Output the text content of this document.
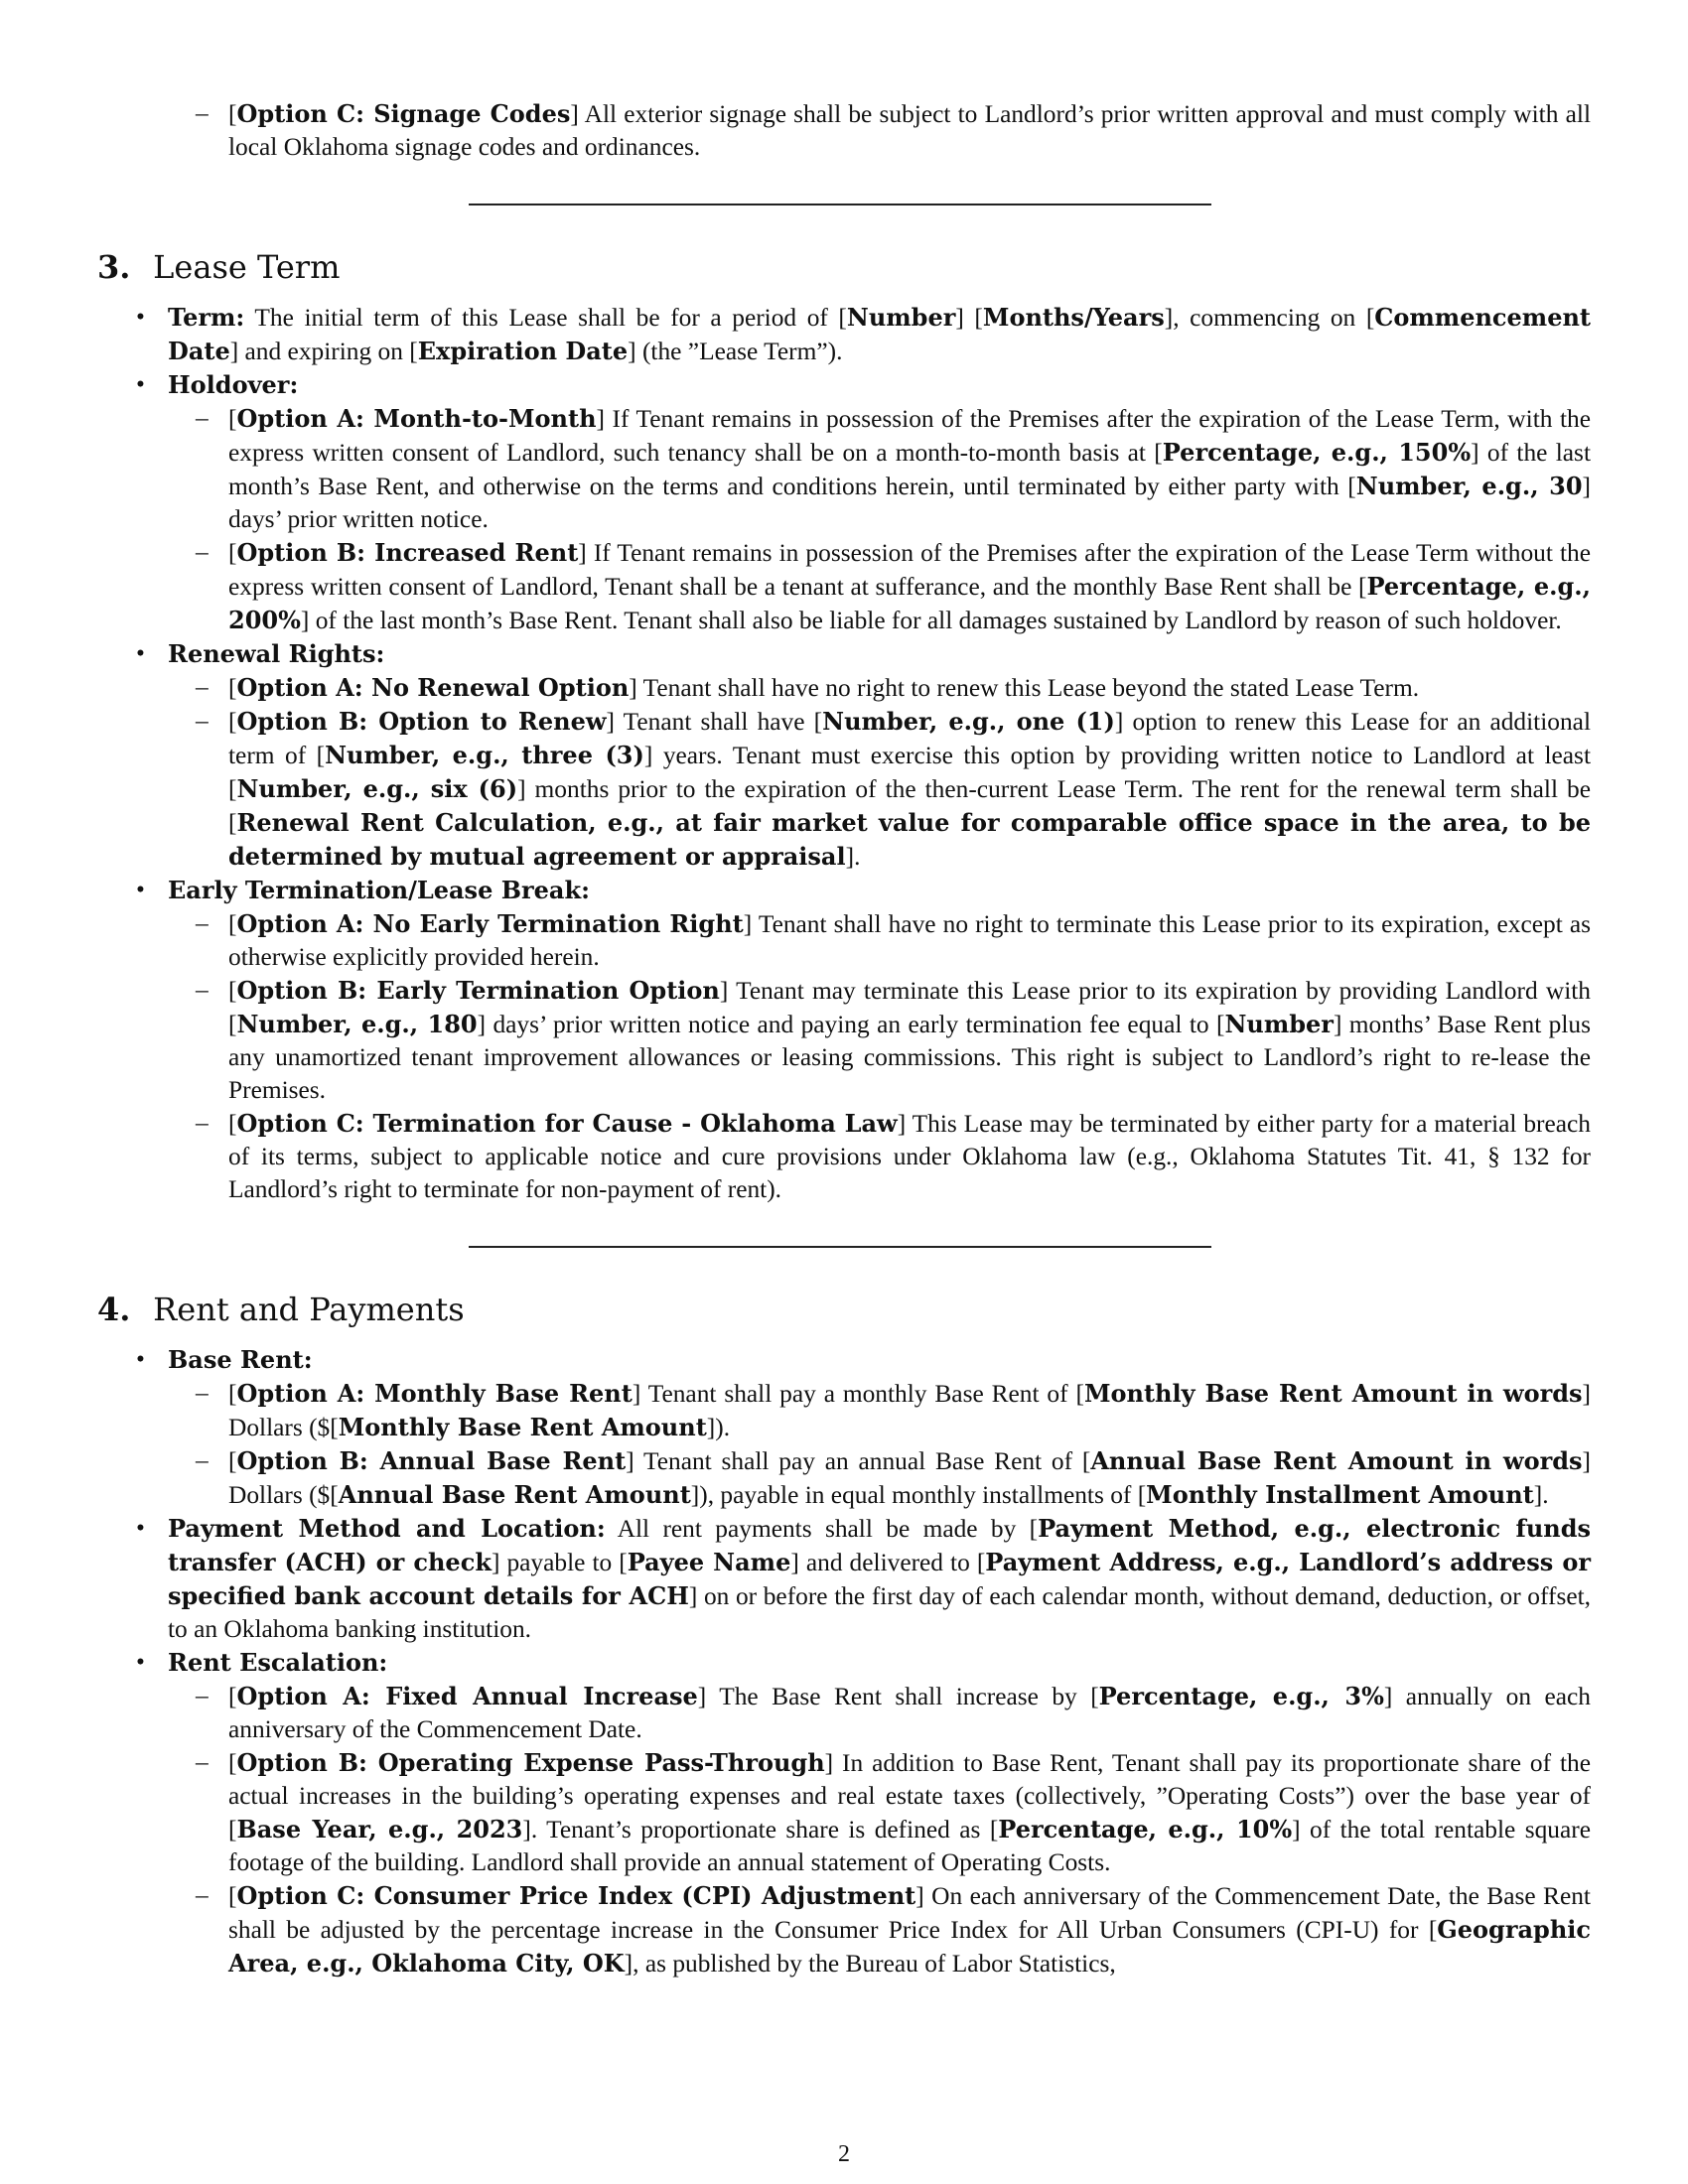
– [Option C: Signage Codes] All exterior signage shall be subject to Landlord’s prior written approval and must comply with all local Oklahoma signage codes and ordinances.
3. Lease Term
• Term: The initial term of this Lease shall be for a period of [Number] [Months/Years], commencing on [Commencement Date] and expiring on [Expiration Date] (the ”Lease Term”).
• Holdover:
– [Option A: Month-to-Month] If Tenant remains in possession of the Premises after the expiration of the Lease Term, with the express written consent of Landlord, such tenancy shall be on a month-to-month basis at [Percentage, e.g., 150%] of the last month’s Base Rent, and otherwise on the terms and conditions herein, until terminated by either party with [Number, e.g., 30] days’ prior written notice.
– [Option B: Increased Rent] If Tenant remains in possession of the Premises after the expiration of the Lease Term without the express written consent of Landlord, Tenant shall be a tenant at sufferance, and the monthly Base Rent shall be [Percentage, e.g., 200%] of the last month’s Base Rent. Tenant shall also be liable for all damages sustained by Landlord by reason of such holdover.
• Renewal Rights:
– [Option A: No Renewal Option] Tenant shall have no right to renew this Lease beyond the stated Lease Term.
– [Option B: Option to Renew] Tenant shall have [Number, e.g., one (1)] option to renew this Lease for an additional term of [Number, e.g., three (3)] years. Tenant must exercise this option by providing written notice to Landlord at least [Number, e.g., six (6)] months prior to the expiration of the then-current Lease Term. The rent for the renewal term shall be [Renewal Rent Calculation, e.g., at fair market value for comparable office space in the area, to be determined by mutual agreement or appraisal].
• Early Termination/Lease Break:
– [Option A: No Early Termination Right] Tenant shall have no right to terminate this Lease prior to its expiration, except as otherwise explicitly provided herein.
– [Option B: Early Termination Option] Tenant may terminate this Lease prior to its expiration by providing Landlord with [Number, e.g., 180] days’ prior written notice and paying an early termination fee equal to [Number] months’ Base Rent plus any unamortized tenant improvement allowances or leasing commissions. This right is subject to Landlord’s right to re-lease the Premises.
– [Option C: Termination for Cause - Oklahoma Law] This Lease may be terminated by either party for a material breach of its terms, subject to applicable notice and cure provisions under Oklahoma law (e.g., Oklahoma Statutes Tit. 41, § 132 for Landlord’s right to terminate for non-payment of rent).
4. Rent and Payments
• Base Rent:
– [Option A: Monthly Base Rent] Tenant shall pay a monthly Base Rent of [Monthly Base Rent Amount in words] Dollars ($[Monthly Base Rent Amount]).
– [Option B: Annual Base Rent] Tenant shall pay an annual Base Rent of [Annual Base Rent Amount in words] Dollars ($[Annual Base Rent Amount]), payable in equal monthly installments of [Monthly Installment Amount].
• Payment Method and Location: All rent payments shall be made by [Payment Method, e.g., electronic funds transfer (ACH) or check] payable to [Payee Name] and delivered to [Payment Address, e.g., Landlord’s address or specified bank account details for ACH] on or before the first day of each calendar month, without demand, deduction, or offset, to an Oklahoma banking institution.
• Rent Escalation:
– [Option A: Fixed Annual Increase] The Base Rent shall increase by [Percentage, e.g., 3%] annually on each anniversary of the Commencement Date.
– [Option B: Operating Expense Pass-Through] In addition to Base Rent, Tenant shall pay its proportionate share of the actual increases in the building’s operating expenses and real estate taxes (collectively, ”Operating Costs”) over the base year of [Base Year, e.g., 2023]. Tenant’s proportionate share is defined as [Percentage, e.g., 10%] of the total rentable square footage of the building. Landlord shall provide an annual statement of Operating Costs.
– [Option C: Consumer Price Index (CPI) Adjustment] On each anniversary of the Commencement Date, the Base Rent shall be adjusted by the percentage increase in the Consumer Price Index for All Urban Consumers (CPI-U) for [Geographic Area, e.g., Oklahoma City, OK], as published by the Bureau of Labor Statistics,
2
